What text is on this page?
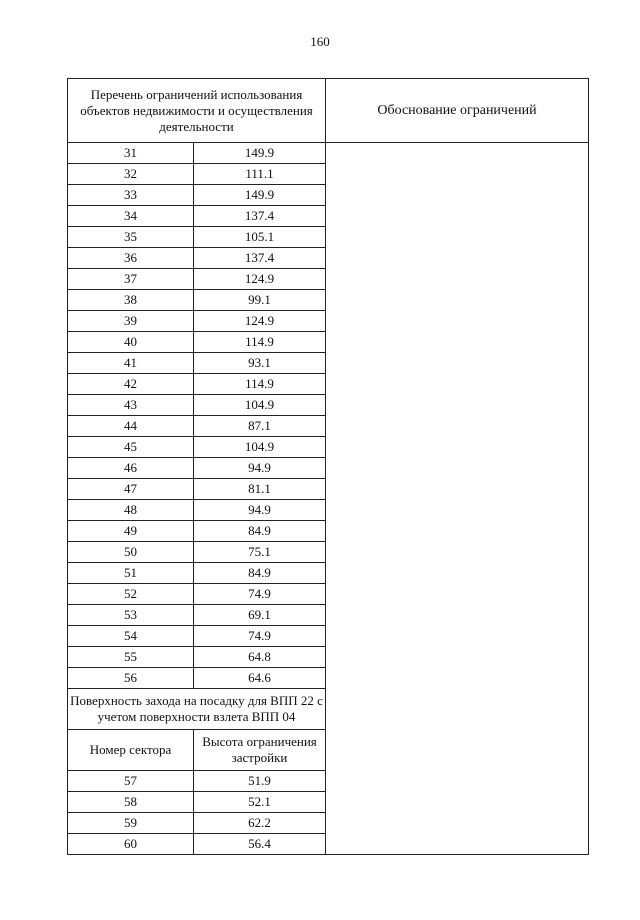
160
Перечень ограничений использования объектов недвижимости и осуществления деятельности		Обоснование ограничений
31	149.9	
32	111.1	
33	149.9	
34	137.4	
35	105.1	
36	137.4	
37	124.9	
38	99.1	
39	124.9	
40	114.9	
41	93.1	
42	114.9	
43	104.9	
44	87.1	
45	104.9	
46	94.9	
47	81.1	
48	94.9	
49	84.9	
50	75.1	
51	84.9	
52	74.9	
53	69.1	
54	74.9	
55	64.8	
56	64.6	
Поверхность захода на посадку для ВПП 22 с учетом поверхности взлета ВПП 04		
Номер сектора	Высота ограничения застройки	
57	51.9	
58	52.1	
59	62.2	
60	56.4	
